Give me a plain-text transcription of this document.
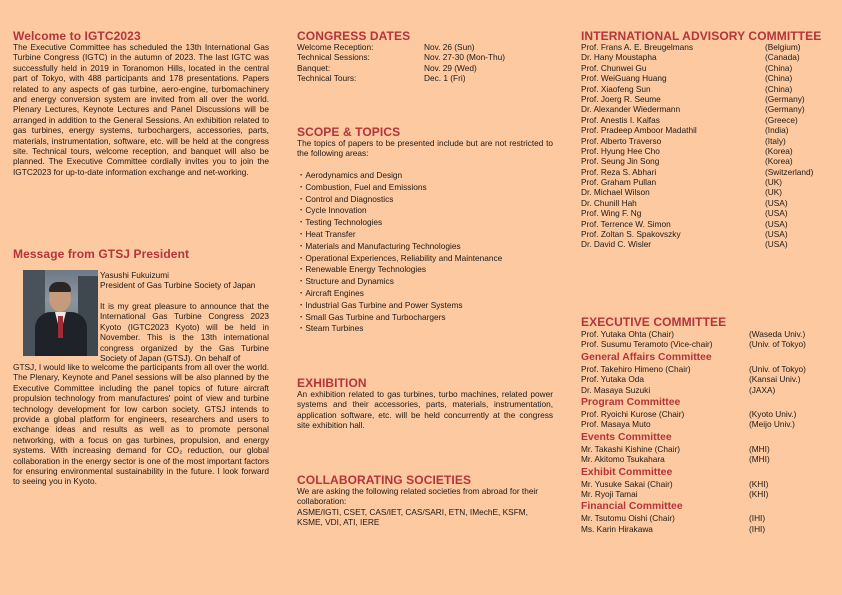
Welcome to IGTC2023

The Executive Committee has scheduled the 13th International Gas Turbine Congress (IGTC) in the autumn of 2023. The last IGTC was successfully held in 2019 in Toranomon Hills, located in the central part of Tokyo, with 488 participants and 178 presentations. Papers related to any aspects of gas turbine, aero-engine, turbomachinery and energy conversion system are invited from all over the world. Plenary Lectures, Keynote Lectures and Panel Discussions will be arranged in addition to the General Sessions. An exhibition related to gas turbines, energy systems, turbochargers, accessories, parts, materials, instrumentation, software, etc. will be held at the congress site. Technical tours, welcome reception, and banquet will also be planned. The Executive Committee cordially invites you to join the IGTC2023 for up-to-date information exchange and net-working.

Message from GTSJ President
Yasushi Fukuizumi
President of Gas Turbine Society of Japan

It is my great pleasure to announce that the International Gas Turbine Congress 2023 Kyoto (IGTC2023 Kyoto) will be held in November. This is the 13th international congress organized by the Gas Turbine Society of Japan (GTSJ). On behalf of

GTSJ, I would like to welcome the participants from all over the world. The Plenary, Keynote and Panel sessions will be also planned by the Executive Committee including the panel topics of future aircraft propulsion technology from manufactures' point of view and turbine technology development for low carbon society. GTSJ intends to provide a global platform for engineers, researchers and users to exchange ideas and results as well as to promote personal networking, with a focus on gas turbines, propulsion, and energy systems. With increasing demand for CO₂ reduction, our global collaboration in the energy sector is one of the most important factors for ensuring environmental sustainability in the future. I look forward to seeing you in Kyoto.

CONGRESS DATES
Welcome Reception:	Nov. 26 (Sun)
Technical Sessions:	Nov. 27-30 (Mon-Thu)
Banquet:	Nov. 29 (Wed)
Technical Tours:	Dec. 1 (Fri)
SCOPE & TOPICS

The topics of papers to be presented include but are not restricted to the following areas:

・Aerodynamics and Design
・Combustion, Fuel and Emissions
・Control and Diagnostics
・Cycle Innovation
・Testing Technologies
・Heat Transfer
・Materials and Manufacturing Technologies
・Operational Experiences, Reliability and Maintenance
・Renewable Energy Technologies
・Structure and Dynamics
・Aircraft Engines
・Industrial Gas Turbine and Power Systems
・Small Gas Turbine and Turbochargers
・Steam Turbines
EXHIBITION

An exhibition related to gas turbines, turbo machines, related power systems and their accessories, parts, materials, instrumentation, application software, etc. will be held concurrently at the congress site exhibition hall.

COLLABORATING SOCIETIES

We are asking the following related societies from abroad for their collaboration:

ASME/IGTI, CSET, CAS/IET, CAS/SARI, ETN, IMechE, KSFM, KSME, VDI, ATI, IERE

INTERNATIONAL ADVISORY COMMITTEE
Prof. Frans A. E. Breugelmans	(Belgium)
Dr. Hany Moustapha	(Canada)
Prof. Chunwei Gu	(China)
Prof. WeiGuang Huang	(China)
Prof. Xiaofeng Sun	(China)
Prof. Joerg R. Seume	(Germany)
Dr. Alexander Wiedermann	(Germany)
Prof. Anestis I. Kalfas	(Greece)
Prof. Pradeep Amboor Madathil	(India)
Prof. Alberto Traverso	(Italy)
Prof. Hyung Hee Cho	(Korea)
Prof. Seung Jin Song	(Korea)
Prof. Reza S. Abhari	(Switzerland)
Prof. Graham Pullan	(UK)
Dr. Michael Wilson	(UK)
Dr. Chunill Hah	(USA)
Prof. Wing F. Ng	(USA)
Prof. Terrence W. Simon	(USA)
Prof. Zoltan S. Spakovszky	(USA)
Dr. David C. Wisler	(USA)
EXECUTIVE COMMITTEE
Prof. Yutaka Ohta (Chair)	(Waseda Univ.)
Prof. Susumu Teramoto (Vice-chair)	(Univ. of Tokyo)
General Affairs Committee
Prof. Takehiro Himeno (Chair)	(Univ. of Tokyo)
Prof. Yutaka Oda	(Kansai Univ.)
Dr. Masaya Suzuki	(JAXA)
Program Committee
Prof. Ryoichi Kurose (Chair)	(Kyoto Univ.)
Prof. Masaya Muto	(Meijo Univ.)
Events Committee
Mr. Takashi Kishine (Chair)	(MHI)
Mr. Akitomo Tsukahara	(MHI)
Exhibit Committee
Mr. Yusuke Sakai (Chair)	(KHI)
Mr. Ryoji Tamai	(KHI)
Financial Committee
Mr. Tsutomu Oishi (Chair)	(IHI)
Ms. Karin Hirakawa	(IHI)
